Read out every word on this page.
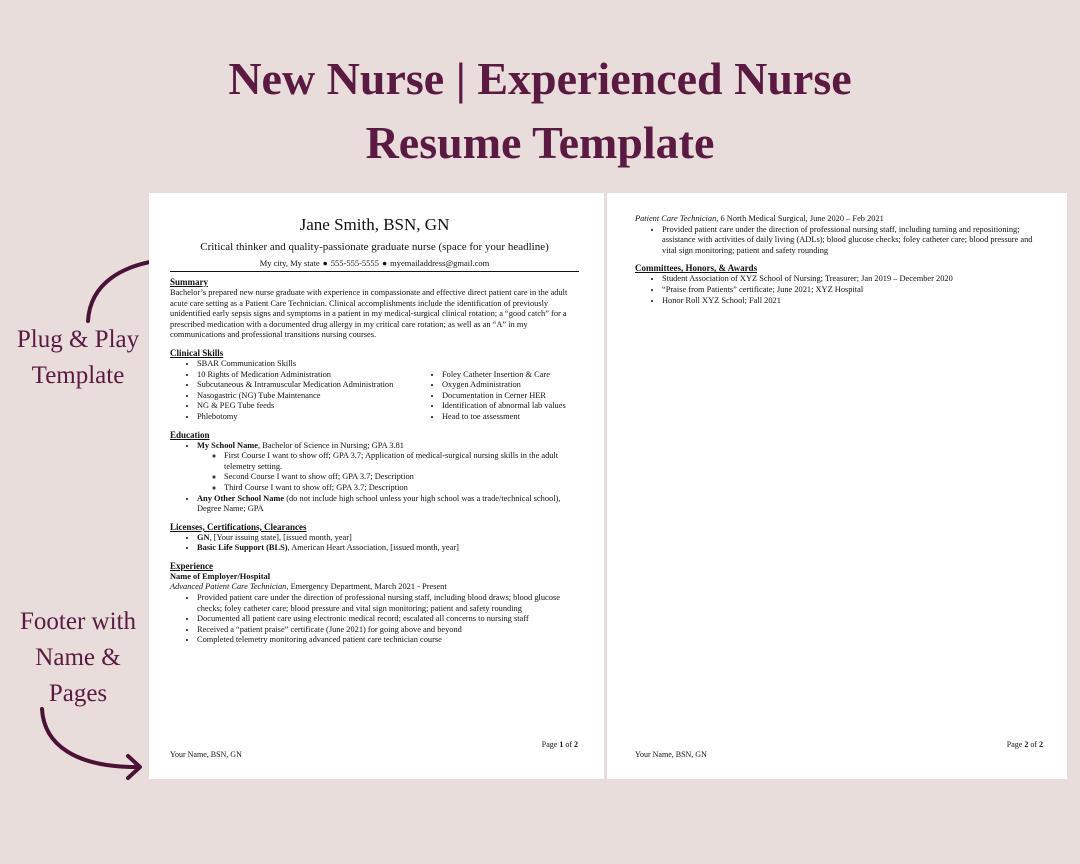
New Nurse | Experienced Nurse
Resume Template
Plug & Play
Template
Footer with
Name &
Pages
Jane Smith, BSN, GN
Critical thinker and quality-passionate graduate nurse (space for your headline)
My city, My state ● 555-555-5555 ● myemailaddress@gmail.com
Summary
Bachelor’s prepared new nurse graduate with experience in compassionate and effective direct patient care in the adult acute care setting as a Patient Care Technician. Clinical accomplishments include the identification of previously unidentified early sepsis signs and symptoms in a patient in my medical-surgical clinical rotation; a “good catch” for a prescribed medication with a documented drug allergy in my critical care rotation; as well as an “A” in my communications and professional transitions nursing courses.
Clinical Skills
• SBAR Communication Skills
• 10 Rights of Medication Administration
• Subcutaneous & Intramuscular Medication Administration
• Nasogastric (NG) Tube Maintenance
• NG & PEG Tube feeds
• Phlebotomy
• Foley Catheter Insertion & Care
• Oxygen Administration
• Documentation in Cerner HER
• Identification of abnormal lab values
• Head to toe assessment
Education
• My School Name, Bachelor of Science in Nursing; GPA 3.81
◦ First Course I want to show off; GPA 3.7; Application of medical-surgical nursing skills in the adult telemetry setting.
◦ Second Course I want to show off; GPA 3.7; Description
◦ Third Course I want to show off; GPA 3.7; Description
• Any Other School Name (do not include high school unless your high school was a trade/technical school), Degree Name; GPA
Licenses, Certifications, Clearances
• GN, [Your issuing state], [issued month, year]
• Basic Life Support (BLS), American Heart Association, [issued month, year]
Experience
Name of Employer/Hospital
Advanced Patient Care Technician, Emergency Department, March 2021 - Present
• Provided patient care under the direction of professional nursing staff, including blood draws; blood glucose checks; foley catheter care; blood pressure and vital sign monitoring; patient and safety rounding
• Documented all patient care using electronic medical record; escalated all concerns to nursing staff
• Received a “patient praise” certificate (June 2021) for going above and beyond
• Completed telemetry monitoring advanced patient care technician course
Page 1 of 2
Your Name, BSN, GN
Patient Care Technician, 6 North Medical Surgical, June 2020 – Feb 2021
• Provided patient care under the direction of professional nursing staff, including turning and repositioning; assistance with activities of daily living (ADLs); blood glucose checks; foley catheter care; blood pressure and vital sign monitoring; patient and safety rounding
Committees, Honors, & Awards
• Student Association of XYZ School of Nursing; Treasurer; Jan 2019 – December 2020
• “Praise from Patients” certificate; June 2021; XYZ Hospital
• Honor Roll XYZ School; Fall 2021
Page 2 of 2
Your Name, BSN, GN
